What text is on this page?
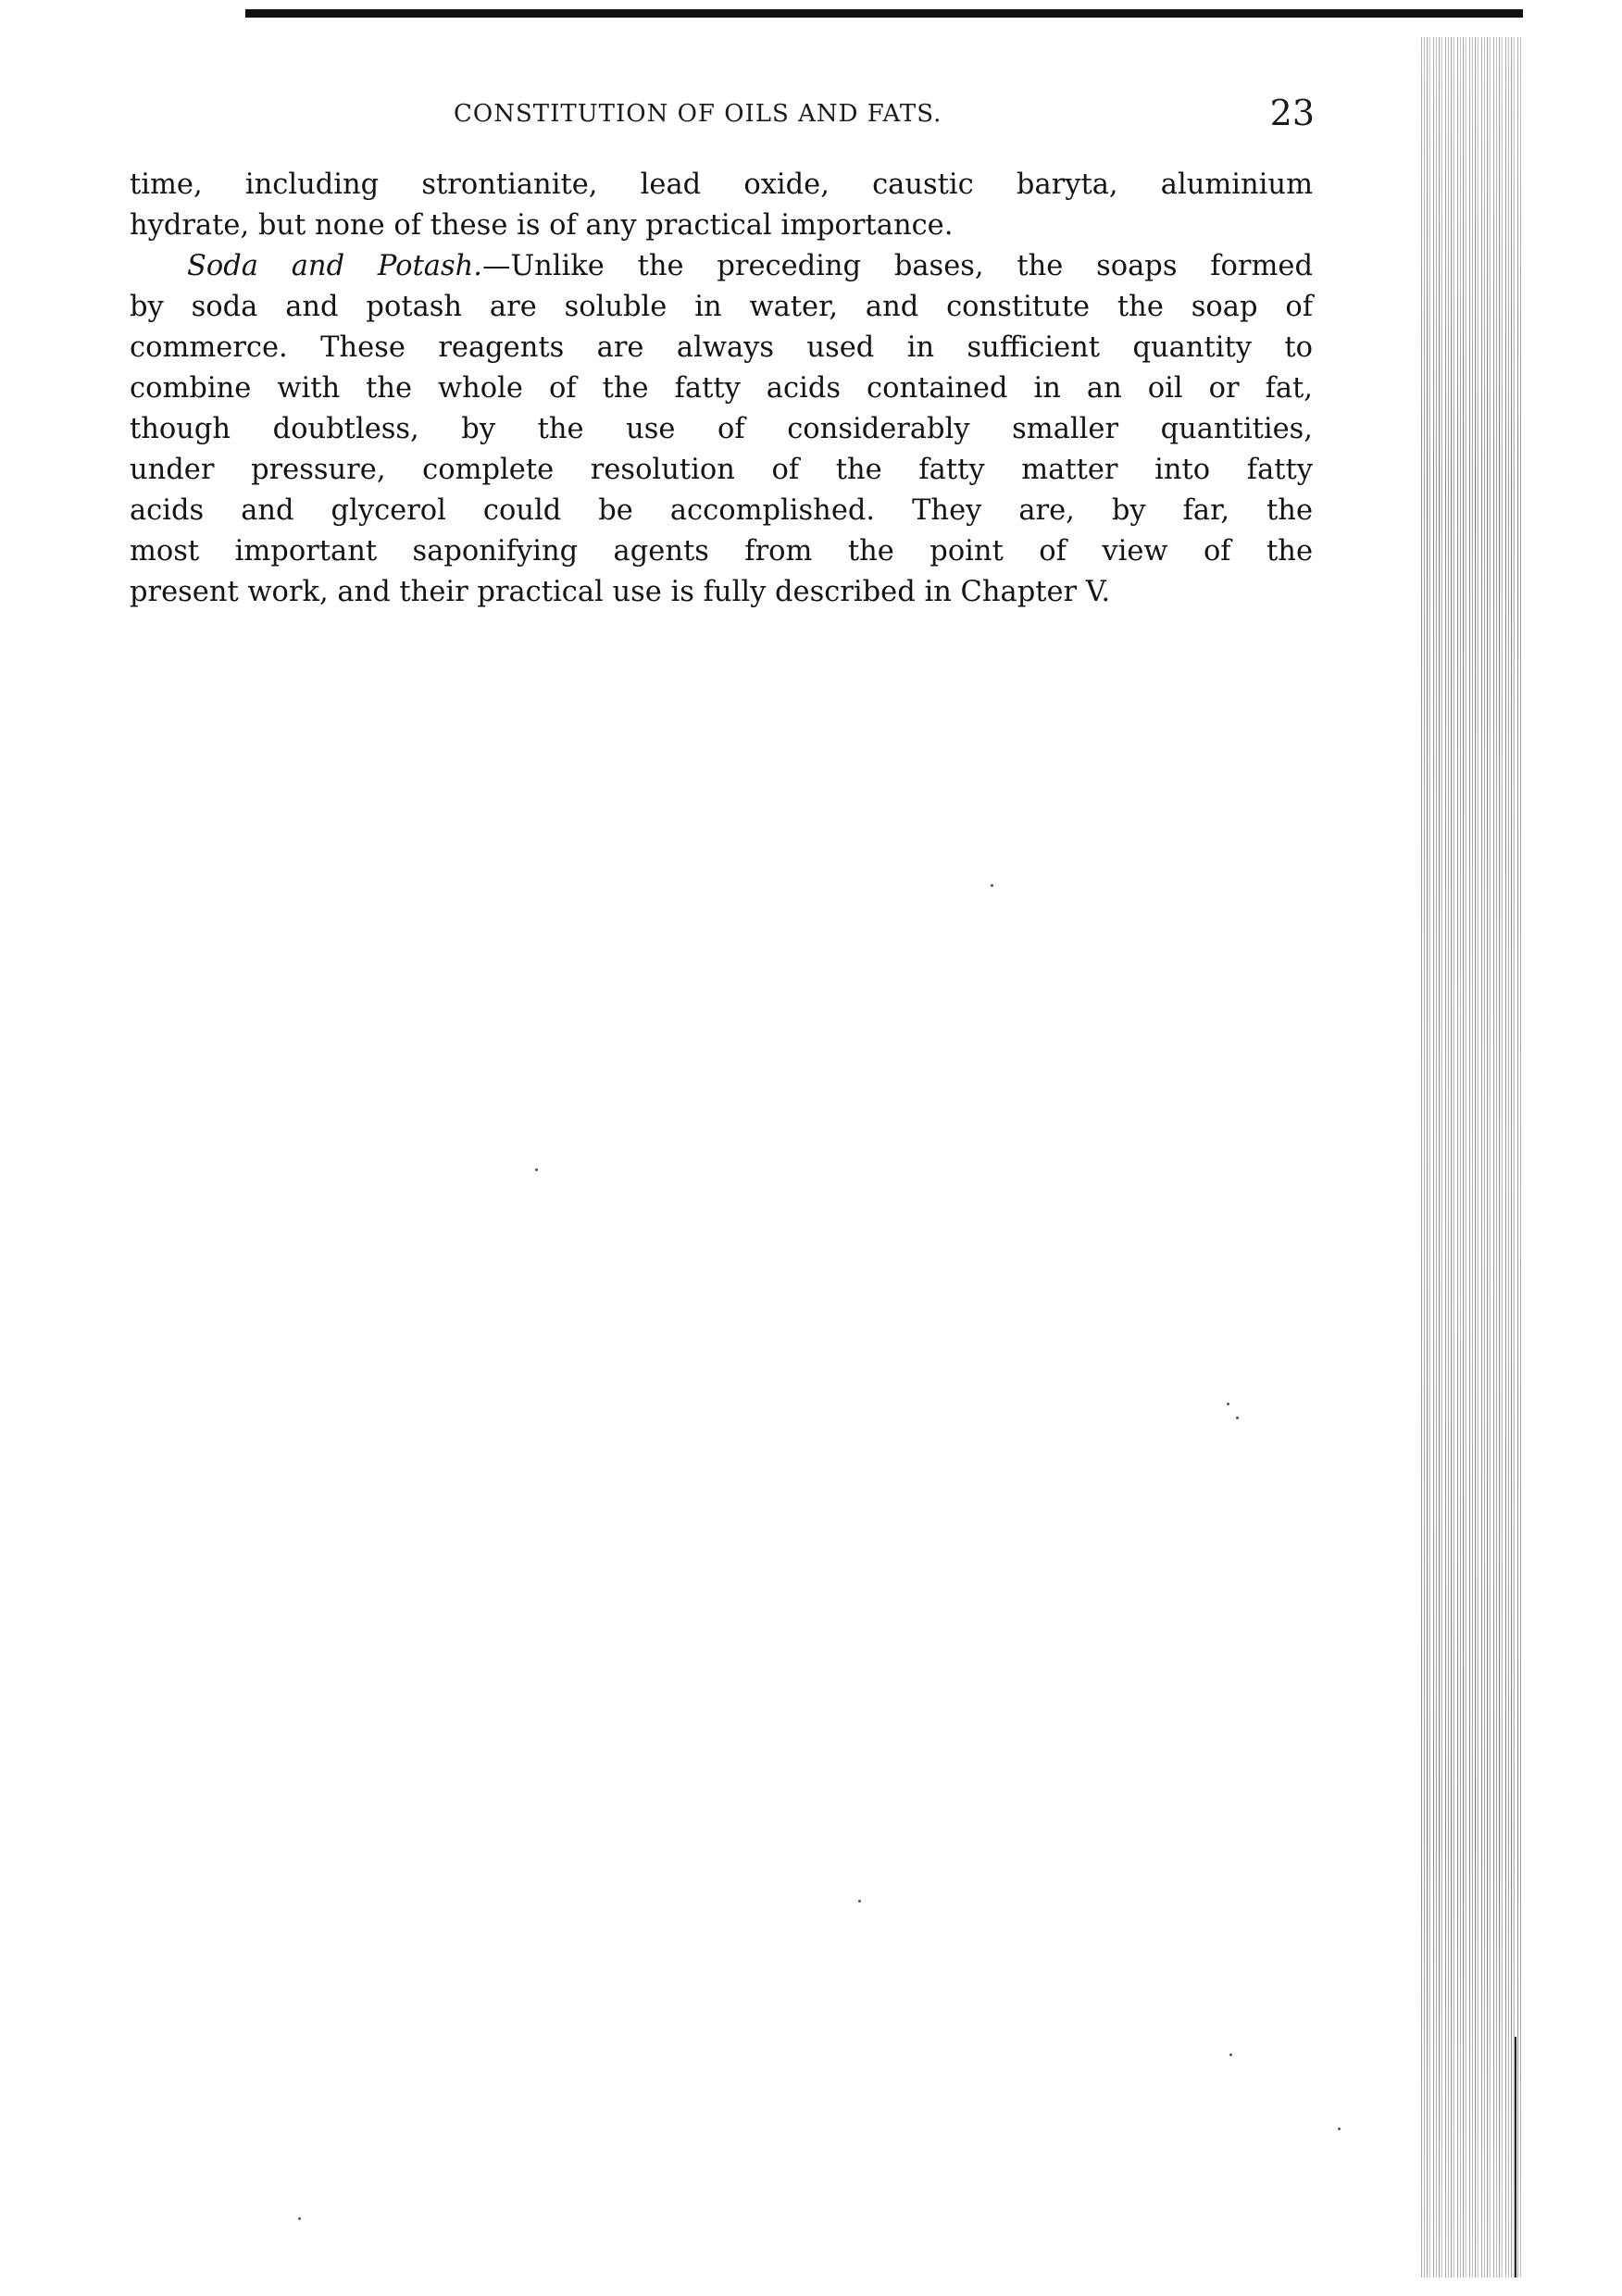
CONSTITUTION OF OILS AND FATS.	23
time, including strontianite, lead oxide, caustic baryta, aluminium
hydrate, but none of these is of any practical importance.
Soda and Potash.—Unlike the preceding bases, the soaps formed
by soda and potash are soluble in water, and constitute the soap of
commerce. These reagents are always used in sufficient quantity to
combine with the whole of the fatty acids contained in an oil or fat,
though doubtless, by the use of considerably smaller quantities,
under pressure, complete resolution of the fatty matter into fatty
acids and glycerol could be accomplished. They are, by far, the
most important saponifying agents from the point of view of the
present work, and their practical use is fully described in Chapter V.
